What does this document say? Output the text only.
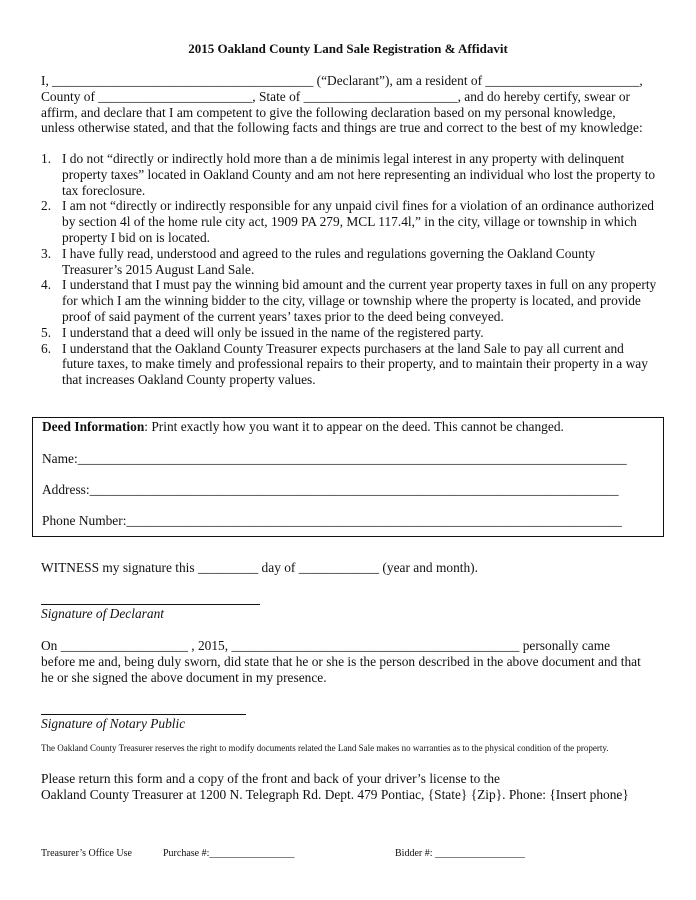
2015 Oakland County Land Sale Registration & Affidavit
I, _______________________________________ (“Declarant”), am a resident of _______________________,
County of _______________________, State of _______________________, and do hereby certify, swear or
affirm, and declare that I am competent to give the following declaration based on my personal knowledge,
unless otherwise stated, and that the following facts and things are true and correct to the best of my knowledge:
1. I do not “directly or indirectly hold more than a de minimis legal interest in any property with delinquent property taxes” located in Oakland County and am not here representing an individual who lost the property to tax foreclosure.
2. I am not “directly or indirectly responsible for any unpaid civil fines for a violation of an ordinance authorized by section 4l of the home rule city act, 1909 PA 279, MCL 117.4l,” in the city, village or township in which property I bid on is located.
3. I have fully read, understood and agreed to the rules and regulations governing the Oakland County Treasurer’s 2015 August Land Sale.
4. I understand that I must pay the winning bid amount and the current year property taxes in full on any property for which I am the winning bidder to the city, village or township where the property is located, and provide proof of said payment of the current years’ taxes prior to the deed being conveyed.
5. I understand that a deed will only be issued in the name of the registered party.
6. I understand that the Oakland County Treasurer expects purchasers at the land Sale to pay all current and future taxes, to make timely and professional repairs to their property, and to maintain their property in a way that increases Oakland County property values.
Deed Information: Print exactly how you want it to appear on the deed. This cannot be changed.
Name:__________________________________________________________________________________
Address:_______________________________________________________________________________
Phone Number:__________________________________________________________________________
WITNESS my signature this _________ day of ____________ (year and month).
Signature of Declarant
On ___________________ , 2015, ___________________________________________ personally came
before me and, being duly sworn, did state that he or she is the person described in the above document and that
he or she signed the above document in my presence.
Signature of Notary Public
The Oakland County Treasurer reserves the right to modify documents related the Land Sale makes no warranties as to the physical condition of the property.
Please return this form and a copy of the front and back of your driver’s license to the
Oakland County Treasurer at 1200 N. Telegraph Rd. Dept. 479 Pontiac, {State} {Zip}. Phone: {Insert phone}
Treasurer’s Office Use	Purchase #:_________________	Bidder #: __________________
